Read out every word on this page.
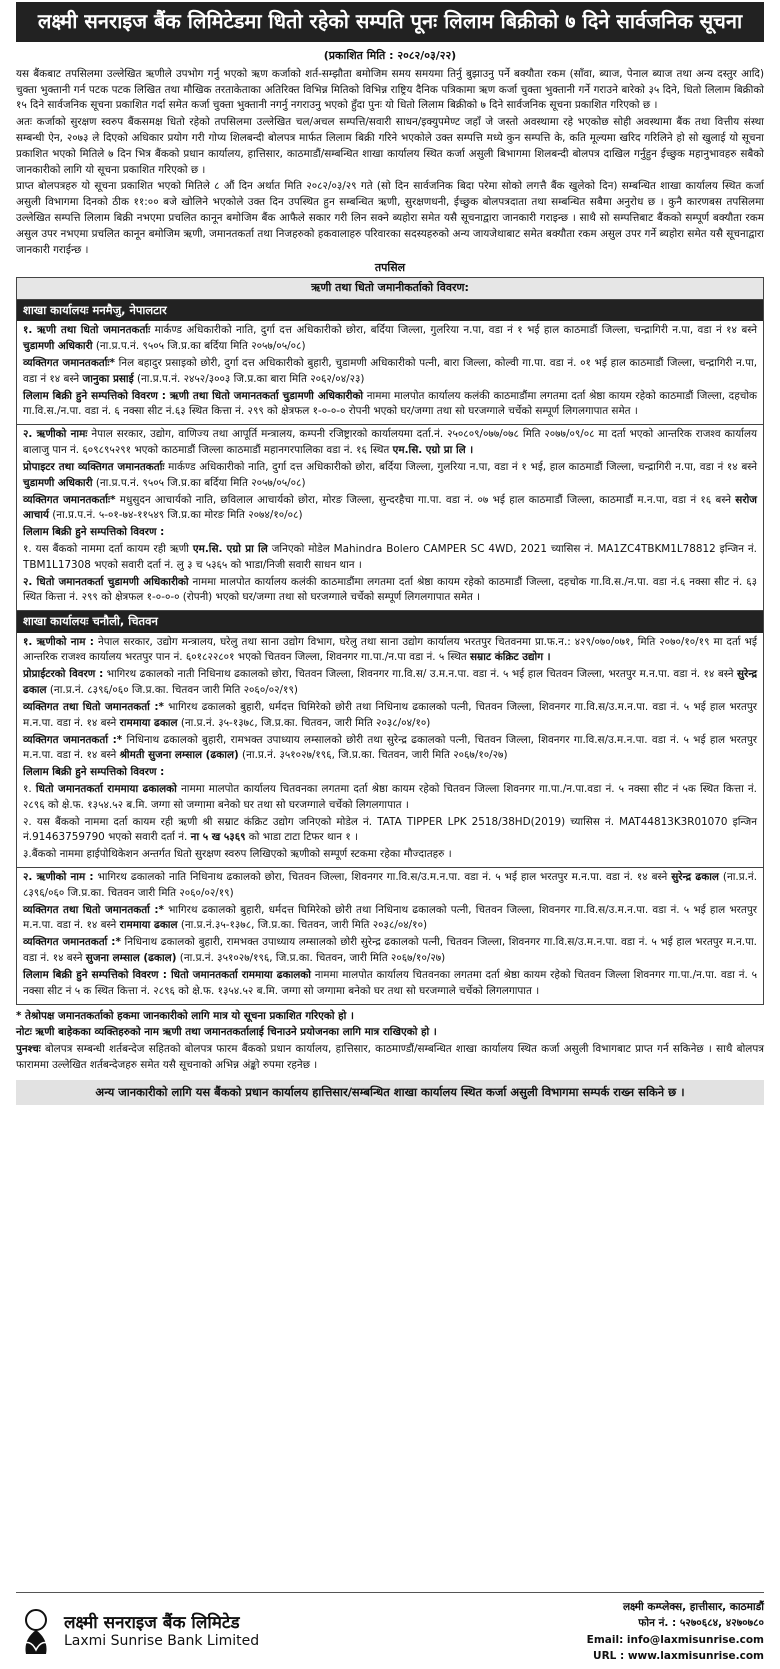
लक्ष्मी सनराइज बैंक लिमिटेडमा धितो रहेको सम्पति पूनः लिलाम बिक्रीको ७ दिने सार्वजनिक सूचना
(प्रकाशित मिति : २०८२/०३/२२)

यस बैंकबाट तपसिलमा उल्लेखित ऋणीले उपभोग गर्नु भएको ऋण कर्जाको शर्त-सम्झौता बमोजिम समय समयमा तिर्नु बुझाउनु पर्ने बक्यौता रकम (साँवा, ब्याज, पेनाल ब्याज तथा अन्य दस्तुर आदि) चुक्ता भुक्तानी गर्न पटक पटक लिखित तथा मौखिक तरताकेताका अतिरिक्त विभिन्न मितिको विभिन्न राष्ट्रिय दैनिक पत्रिकामा ऋण कर्जा चुक्ता भुक्तानी गर्ने गराउने बारेको ३५ दिने, धितो लिलाम बिक्रीको १५ दिने सार्वजनिक सूचना प्रकाशित गर्दा समेत कर्जा चुक्ता भुक्तानी नगर्नु नगराउनु भएको हुँदा पुनः यो धितो लिलाम बिक्रीको ७ दिने सार्वजनिक सूचना प्रकाशित गरिएको छ ।

अतः कर्जाको सुरक्षण स्वरुप बैंकसमक्ष धितो रहेको तपसिलमा उल्लेखित चल/अचल सम्पत्ति/सवारी साधन/इक्युपमेण्ट जहाँ जे जस्तो अवस्थामा रहे भएकोछ सोही अवस्थामा बैंक तथा वित्तीय संस्था सम्बन्धी ऐन, २०७३ ले दिएको अधिकार प्रयोग गरी गोप्य शिलबन्दी बोलपत्र मार्फत लिलाम बिक्री गरिने भएकोले उक्त सम्पत्ति मध्ये कुन सम्पत्ति के, कति मूल्यमा खरिद गरिलिने हो सो खुलाई यो सूचना प्रकाशित भएको मितिले ७ दिन भित्र बैंकको प्रधान कार्यालय, हात्तिसार, काठमाडौं/सम्बन्धित शाखा कार्यालय स्थित कर्जा असुली बिभागमा शिलबन्दी बोलपत्र दाखिल गर्नुहुन ईच्छुक महानुभावहरु सबैको जानकारीको लागि यो सूचना प्रकाशित गरिएको छ ।

प्राप्त बोलपत्रहरु यो सूचना प्रकाशित भएको मितिले ८ औं दिन अर्थात मिति २०८२/०३/२९ गते (सो दिन सार्वजनिक बिदा परेमा सोको लगत्तै बैंक खुलेको दिन) सम्बन्धित शाखा कार्यालय स्थित कर्जा असुली विभागमा दिनको ठीक ११:०० बजे खोलिने भएकोले उक्त दिन उपस्थित हुन सम्बन्धित ऋणी, सुरक्षणधनी, ईच्छुक बोलपत्रदाता तथा सम्बन्धित सबैमा अनुरोध छ । कुनै कारणबस तपसिलमा उल्लेखित सम्पत्ति लिलाम बिक्री नभएमा प्रचलित कानून बमोजिम बैंक आफैले सकार गरी लिन सक्ने ब्यहोरा समेत यसै सूचनाद्वारा जानकारी गराइन्छ । साथै सो सम्पत्तिबाट बैंकको सम्पूर्ण बक्यौता रकम असुल उपर नभएमा प्रचलित कानून बमोजिम ऋणी, जमानतकर्ता तथा निजहरुको हकवालाहरु परिवारका सदस्यहरुको अन्य जायजेथाबाट समेत बक्यौता रकम असुल उपर गर्ने ब्यहोरा समेत यसै सूचनाद्वारा जानकारी गराईन्छ ।

तपसिल
ऋणी तथा धितो जमानीकर्ताको विवरण:
शाखा कार्यालयः मनमैजु, नेपालटार

१. ऋणी तथा धितो जमानतकर्ताः मार्कण्ड अधिकारीको नाति, दुर्गा दत्त अधिकारीको छोरा, बर्दिया जिल्ला, गुलरिया न.पा, वडा नं १ भई हाल काठमाडौं जिल्ला, चन्द्रागिरी न.पा, वडा नं १४ बस्ने चुडामणी अधिकारी (ना.प्र.प.नं. ९५०५ जि.प्र.का बर्दिया मिति २०५७/०५/०८)

व्यक्तिगत जमानतकर्ताः* निल बहादुर प्रसाइको छोरी, दुर्गा दत्त अधिकारीको बुहारी, चुडामणी अधिकारीको पत्नी, बारा जिल्ला, कोल्वी गा.पा. वडा नं. ०१ भई हाल काठमाडौं जिल्ला, चन्द्रागिरी न.पा, वडा नं १४ बस्ने जानुका प्रसाई (ना.प्र.प.नं. २४५२/३००३ जि.प्र.का बारा मिति २०६२/०४/२३)

लिलाम बिक्री हुने सम्पत्तिको विवरण : ऋणी तथा धितो जमानतकर्ता चुडामणी अधिकारीको नाममा मालपोत कार्यालय कलंकी काठमाडौंमा लगतमा दर्ता श्रेष्ठा कायम रहेको काठमाडौं जिल्ला, दहचोक गा.वि.स./न.पा. वडा नं. ६ नक्सा सीट नं.६३ स्थित कित्ता नं. २९९ को क्षेत्रफल १-०-०-० रोपनी भएको घर/जग्गा तथा सो घरजग्गाले चर्चेको सम्पूर्ण लिगलगापात समेत ।

२. ऋणीको नामः नेपाल सरकार, उद्योग, वाणिज्य तथा आपूर्ति मन्त्रालय, कम्पनी रजिष्ट्रारको कार्यालयमा दर्ता.नं. २५०८०९/०७७/०७८ मिति २०७७/०९/०८ मा दर्ता भएको आन्तरिक राजश्व कार्यालय बालाजु पान नं. ६०९८९५२९१ भएको काठमाडौं जिल्ला काठमाडौं महानगरपालिका वडा नं. १६ स्थित एम.सि. एग्रो प्रा लि ।

प्रोपाइटर तथा व्यक्तिगत जमानतकर्ताः मार्कण्ड अधिकारीको नाति, दुर्गा दत्त अधिकारीको छोरा, बर्दिया जिल्ला, गुलरिया न.पा, वडा नं १ भई, हाल काठमाडौं जिल्ला, चन्द्रागिरी न.पा, वडा नं १४ बस्ने चुडामणी अधिकारी (ना.प्र.प.नं. ९५०५ जि.प्र.का बर्दिया मिति २०५७/०५/०८)

व्यक्तिगत जमानतकर्ताः* मधुसुदन आचार्यको नाति, छविलाल आचार्यको छोरा, मोरङ जिल्ला, सुन्दरहैचा गा.पा. वडा नं. ०७ भई हाल काठमाडौं जिल्ला, काठमाडौं म.न.पा, वडा नं १६ बस्ने सरोज आचार्य (ना.प्र.प.नं. ५-०१-७४-११५४९ जि.प्र.का मोरङ मिति २०७४/१०/०८)

लिलाम बिक्री हुने सम्पत्तिको विवरण :

१. यस बैंकको नाममा दर्ता कायम रही ऋणी एम.सि. एग्रो प्रा लि जनिएको मोडेल Mahindra Bolero CAMPER SC 4WD, 2021 च्यासिस नं. MA1ZC4TBKM1L78812 इन्जिन नं. TBM1L17308 भएको सवारी दर्ता नं. लु ३ च ५३६५ को भाडा/निजी सवारी साधन थान ।

२. धितो जमानतकर्ता चुडामणी अधिकारीको नाममा मालपोत कार्यालय कलंकी काठमाडौंमा लगतमा दर्ता श्रेष्ठा कायम रहेको काठमाडौं जिल्ला, दहचोक गा.वि.स./न.पा. वडा नं.६ नक्सा सीट नं. ६३ स्थित कित्ता नं. २९९ को क्षेत्रफल १-०-०-० (रोपनी) भएको घर/जग्गा तथा सो घरजग्गाले चर्चेको सम्पूर्ण लिगलगापात समेत ।

शाखा कार्यालयः चनौली, चितवन

१. ऋणीको नाम : नेपाल सरकार, उद्योग मन्त्रालय, घरेलु तथा साना उद्योग विभाग, घरेलु तथा साना उद्योग कार्यालय भरतपुर चितवनमा प्रा.फ.न.: ४२९/०७०/०७१, मिति २०७०/१०/१९ मा दर्ता भई आन्तरिक राजश्व कार्यालय भरतपुर पान नं. ६०१८२२८०१ भएको चितवन जिल्ला, शिवनगर गा.पा./न.पा वडा नं. ५ स्थित सम्राट कंक्रिट उद्योग ।

प्रोप्राईटरको विवरण : भागिरथ ढकालको नाती निधिनाथ ढकालको छोरा, चितवन जिल्ला, शिवनगर गा.वि.स/ उ.म.न.पा. वडा नं. ५ भई हाल चितवन जिल्ला, भरतपुर म.न.पा. वडा नं. १४ बस्ने सुरेन्द्र ढकाल (ना.प्र.नं. ८३९६/०६० जि.प्र.का. चितवन जारी मिति २०६०/०२/१९)

व्यक्तिगत तथा धितो जमानतकर्ता :* भागिरथ ढकालको बुहारी, धर्मदत्त घिमिरेको छोरी तथा निधिनाथ ढकालको पत्नी, चितवन जिल्ला, शिवनगर गा.वि.स/उ.म.न.पा. वडा नं. ५ भई हाल भरतपुर म.न.पा. वडा नं. १४ बस्ने राममाया ढकाल (ना.प्र.नं. ३५-१३७८, जि.प्र.का. चितवन, जारी मिति २०३८/०४/१०)

व्यक्तिगत जमानतकर्ता :* निधिनाथ ढकालको बुहारी, रामभक्त उपाध्याय लम्सालको छोरी तथा सुरेन्द्र ढकालको पत्नी, चितवन जिल्ला, शिवनगर गा.वि.स/उ.म.न.पा. वडा नं. ५ भई हाल भरतपुर म.न.पा. वडा नं. १४ बस्ने श्रीमती सुजना लम्साल (ढकाल) (ना.प्र.नं. ३५१०२७/१९६, जि.प्र.का. चितवन, जारी मिति २०६७/१०/२७)

लिलाम बिक्री हुने सम्पत्तिको विवरण :

१. धितो जमानतकर्ता राममाया ढकालको नाममा मालपोत कार्यालय चितवनका लगतमा दर्ता श्रेष्ठा कायम रहेको चितवन जिल्ला शिवनगर गा.पा./न.पा.वडा नं. ५ नक्सा सीट नं ५क स्थित कित्ता नं. २८९६ को क्षे.फ. १३५४.५२ ब.मि. जग्गा सो जग्गामा बनेको घर तथा सो घरजग्गाले चर्चेको लिगलगापात ।

२. यस बैंकको नाममा दर्ता कायम रही ऋणी श्री सम्राट कंक्रिट उद्योग जनिएको मोडेल नं. TATA TIPPER LPK 2518/38HD(2019) च्यासिस नं. MAT44813K3R01070 इन्जिन नं.91463759790 भएको सवारी दर्ता नं. ना ५ ख ५३६९ को भाडा टाटा टिफर थान १ ।

३.बैंकको नाममा हाईपोथिकेशन अन्तर्गत धितो सुरक्षण स्वरुप लिखिएको ऋणीको सम्पूर्ण स्टकमा रहेका मौज्दातहरु ।

२. ऋणीको नाम : भागिरथ ढकालको नाति निधिनाथ ढकालको छोरा, चितवन जिल्ला, शिवनगर गा.वि.स/उ.म.न.पा. वडा नं. ५ भई हाल भरतपुर म.न.पा. वडा नं. १४ बस्ने सुरेन्द्र ढकाल (ना.प्र.नं. ८३९६/०६० जि.प्र.का. चितवन जारी मिति २०६०/०२/१९)

व्यक्तिगत तथा धितो जमानतकर्ता :* भागिरथ ढकालको बुहारी, धर्मदत्त घिमिरेको छोरी तथा निधिनाथ ढकालको पत्नी, चितवन जिल्ला, शिवनगर गा.वि.स/उ.म.न.पा. वडा नं. ५ भई हाल भरतपुर म.न.पा. वडा नं. १४ बस्ने राममाया ढकाल (ना.प्र.नं.३५-१३७८, जि.प्र.का. चितवन, जारी मिति २०३८/०४/१०)

व्यक्तिगत जमानतकर्ता :* निधिनाथ ढकालको बुहारी, रामभक्त उपाध्याय लम्सालको छोरी सुरेन्द्र ढकालको पत्नी, चितवन जिल्ला, शिवनगर गा.वि.स/उ.म.न.पा. वडा नं. ५ भई हाल भरतपुर म.न.पा. वडा नं. १४ बस्ने सुजना लम्साल (ढकाल) (ना.प्र.नं. ३५१०२७/१९६, जि.प्र.का. चितवन, जारी मिति २०६७/१०/२७)

लिलाम बिक्री हुने सम्पत्तिको विवरण : धितो जमानतकर्ता राममाया ढकालको नाममा मालपोत कार्यालय चितवनका लगतमा दर्ता श्रेष्ठा कायम रहेको चितवन जिल्ला शिवनगर गा.पा./न.पा. वडा नं. ५ नक्सा सीट नं ५ क स्थित कित्ता नं. २८९६ को क्षे.फ. १३५४.५२ ब.मि. जग्गा सो जग्गामा बनेको घर तथा सो घरजग्गाले चर्चेको लिगलगापात ।

* तेश्रोपक्ष जमानतकर्ताको हकमा जानकारीको लागि मात्र यो सूचना प्रकाशित गरिएको हो ।

नोटः ऋणी बाहेकका व्यक्तिहरुको नाम ऋणी तथा जमानतकर्तालाई चिनाउने प्रयोजनका लागि मात्र राखिएको हो ।

पुनश्चः बोलपत्र सम्बन्धी शर्तबन्देज सहितको बोलपत्र फारम बैंकको प्रधान कार्यालय, हात्तिसार, काठमाण्डौं/सम्बन्धित शाखा कार्यालय स्थित कर्जा असुली विभागबाट प्राप्त गर्न सकिनेछ । साथै बोलपत्र फाराममा उल्लेखित शर्तबन्देजहरु समेत यसै सूचनाको अभिन्न अंङ्को रुपमा रहनेछ ।

अन्य जानकारीको लागि यस बैंकको प्रधान कार्यालय हात्तिसार/सम्बन्धित शाखा कार्यालय स्थित कर्जा असुली विभागमा सम्पर्क राख्न सकिने छ ।
लक्ष्मी सनराइज बैंक लिमिटेड
Laxmi Sunrise Bank Limited
लक्ष्मी कम्प्लेक्स, हात्तीसार, काठमाडौं
फोन नं. : ५२७०६८४, ४२७०७८०
Email: info@laxmisunrise.com
URL : www.laxmisunrise.com
